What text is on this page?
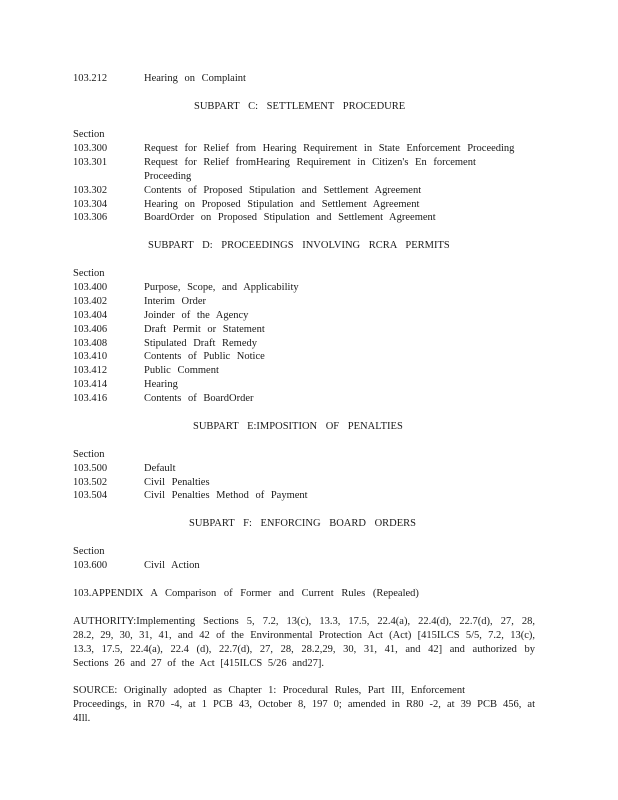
103.212	Hearing on Complaint
SUBPART C: SETTLEMENT PROCEDURE
Section
103.300	Request for Relief from Hearing Requirement in State Enforcement Proceeding
103.301	Request for Relief fromHearing Requirement in Citizen's En forcement
Proceeding
103.302	Contents of Proposed Stipulation and Settlement Agreement
103.304	Hearing on Proposed Stipulation and Settlement Agreement
103.306	BoardOrder on Proposed Stipulation and Settlement Agreement
SUBPART D: PROCEEDINGS INVOLVING RCRA PERMITS
Section
103.400	Purpose, Scope, and Applicability
103.402	Interim Order
103.404	Joinder of the Agency
103.406	Draft Permit or Statement
103.408	Stipulated Draft Remedy
103.410	Contents of Public Notice
103.412	Public Comment
103.414	Hearing
103.416	Contents of BoardOrder
SUBPART E:IMPOSITION OF PENALTIES
Section
103.500	Default
103.502	Civil Penalties
103.504	Civil Penalties Method of Payment
SUBPART F: ENFORCING BOARD ORDERS
Section
103.600	Civil Action
103.APPENDIX A Comparison of Former and Current Rules (Repealed)
AUTHORITY:Implementing Sections 5, 7.2, 13(c), 13.3, 17.5, 22.4(a), 22.4(d), 22.7(d), 27, 28,
28.2, 29, 30, 31, 41, and 42 of the Environmental Protection Act (Act) [415ILCS 5/5, 7.2, 13(c),
13.3, 17.5, 22.4(a), 22.4 (d), 22.7(d), 27, 28, 28.2,29, 30, 31, 41, and 42] and authorized by
Sections 26 and 27 of the Act [415ILCS 5/26 and27].
SOURCE: Originally adopted as Chapter 1: Procedural Rules, Part III, Enforcement
Proceedings, in R70 -4, at 1 PCB 43, October 8, 197 0; amended in R80 -2, at 39 PCB 456, at 4Ill.
